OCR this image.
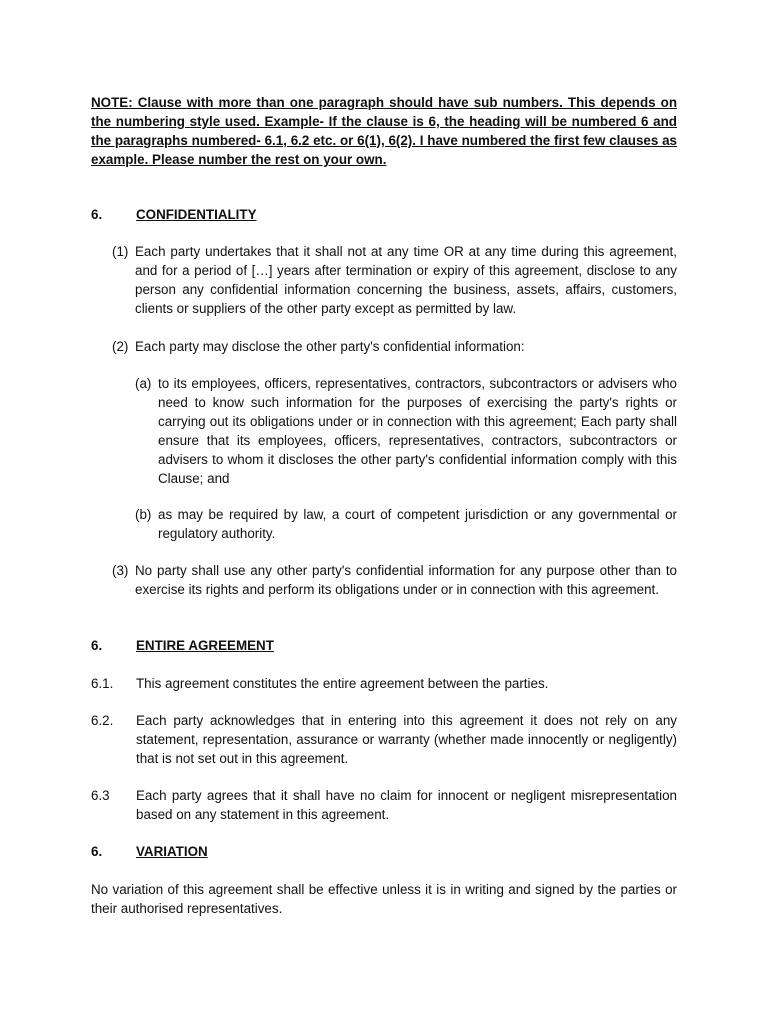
NOTE: Clause with more than one paragraph should have sub numbers. This depends on the numbering style used. Example- If the clause is 6, the heading will be numbered 6 and the paragraphs numbered- 6.1, 6.2 etc. or 6(1), 6(2). I have numbered the first few clauses as example. Please number the rest on your own.

6.	CONFIDENTIALITY
(1) Each party undertakes that it shall not at any time OR at any time during this agreement, and for a period of […] years after termination or expiry of this agreement, disclose to any person any confidential information concerning the business, assets, affairs, customers, clients or suppliers of the other party except as permitted by law.

(2) Each party may disclose the other party's confidential information:

(a) to its employees, officers, representatives, contractors, subcontractors or advisers who need to know such information for the purposes of exercising the party's rights or carrying out its obligations under or in connection with this agreement; Each party shall ensure that its employees, officers, representatives, contractors, subcontractors or advisers to whom it discloses the other party's confidential information comply with this Clause; and

(b) as may be required by law, a court of competent jurisdiction or any governmental or regulatory authority.

(3) No party shall use any other party's confidential information for any purpose other than to exercise its rights and perform its obligations under or in connection with this agreement.

6.	ENTIRE AGREEMENT
6.1. This agreement constitutes the entire agreement between the parties.

6.2. Each party acknowledges that in entering into this agreement it does not rely on any statement, representation, assurance or warranty (whether made innocently or negligently) that is not set out in this agreement.

6.3 Each party agrees that it shall have no claim for innocent or negligent misrepresentation based on any statement in this agreement.

6.	VARIATION

No variation of this agreement shall be effective unless it is in writing and signed by the parties or their authorised representatives.
